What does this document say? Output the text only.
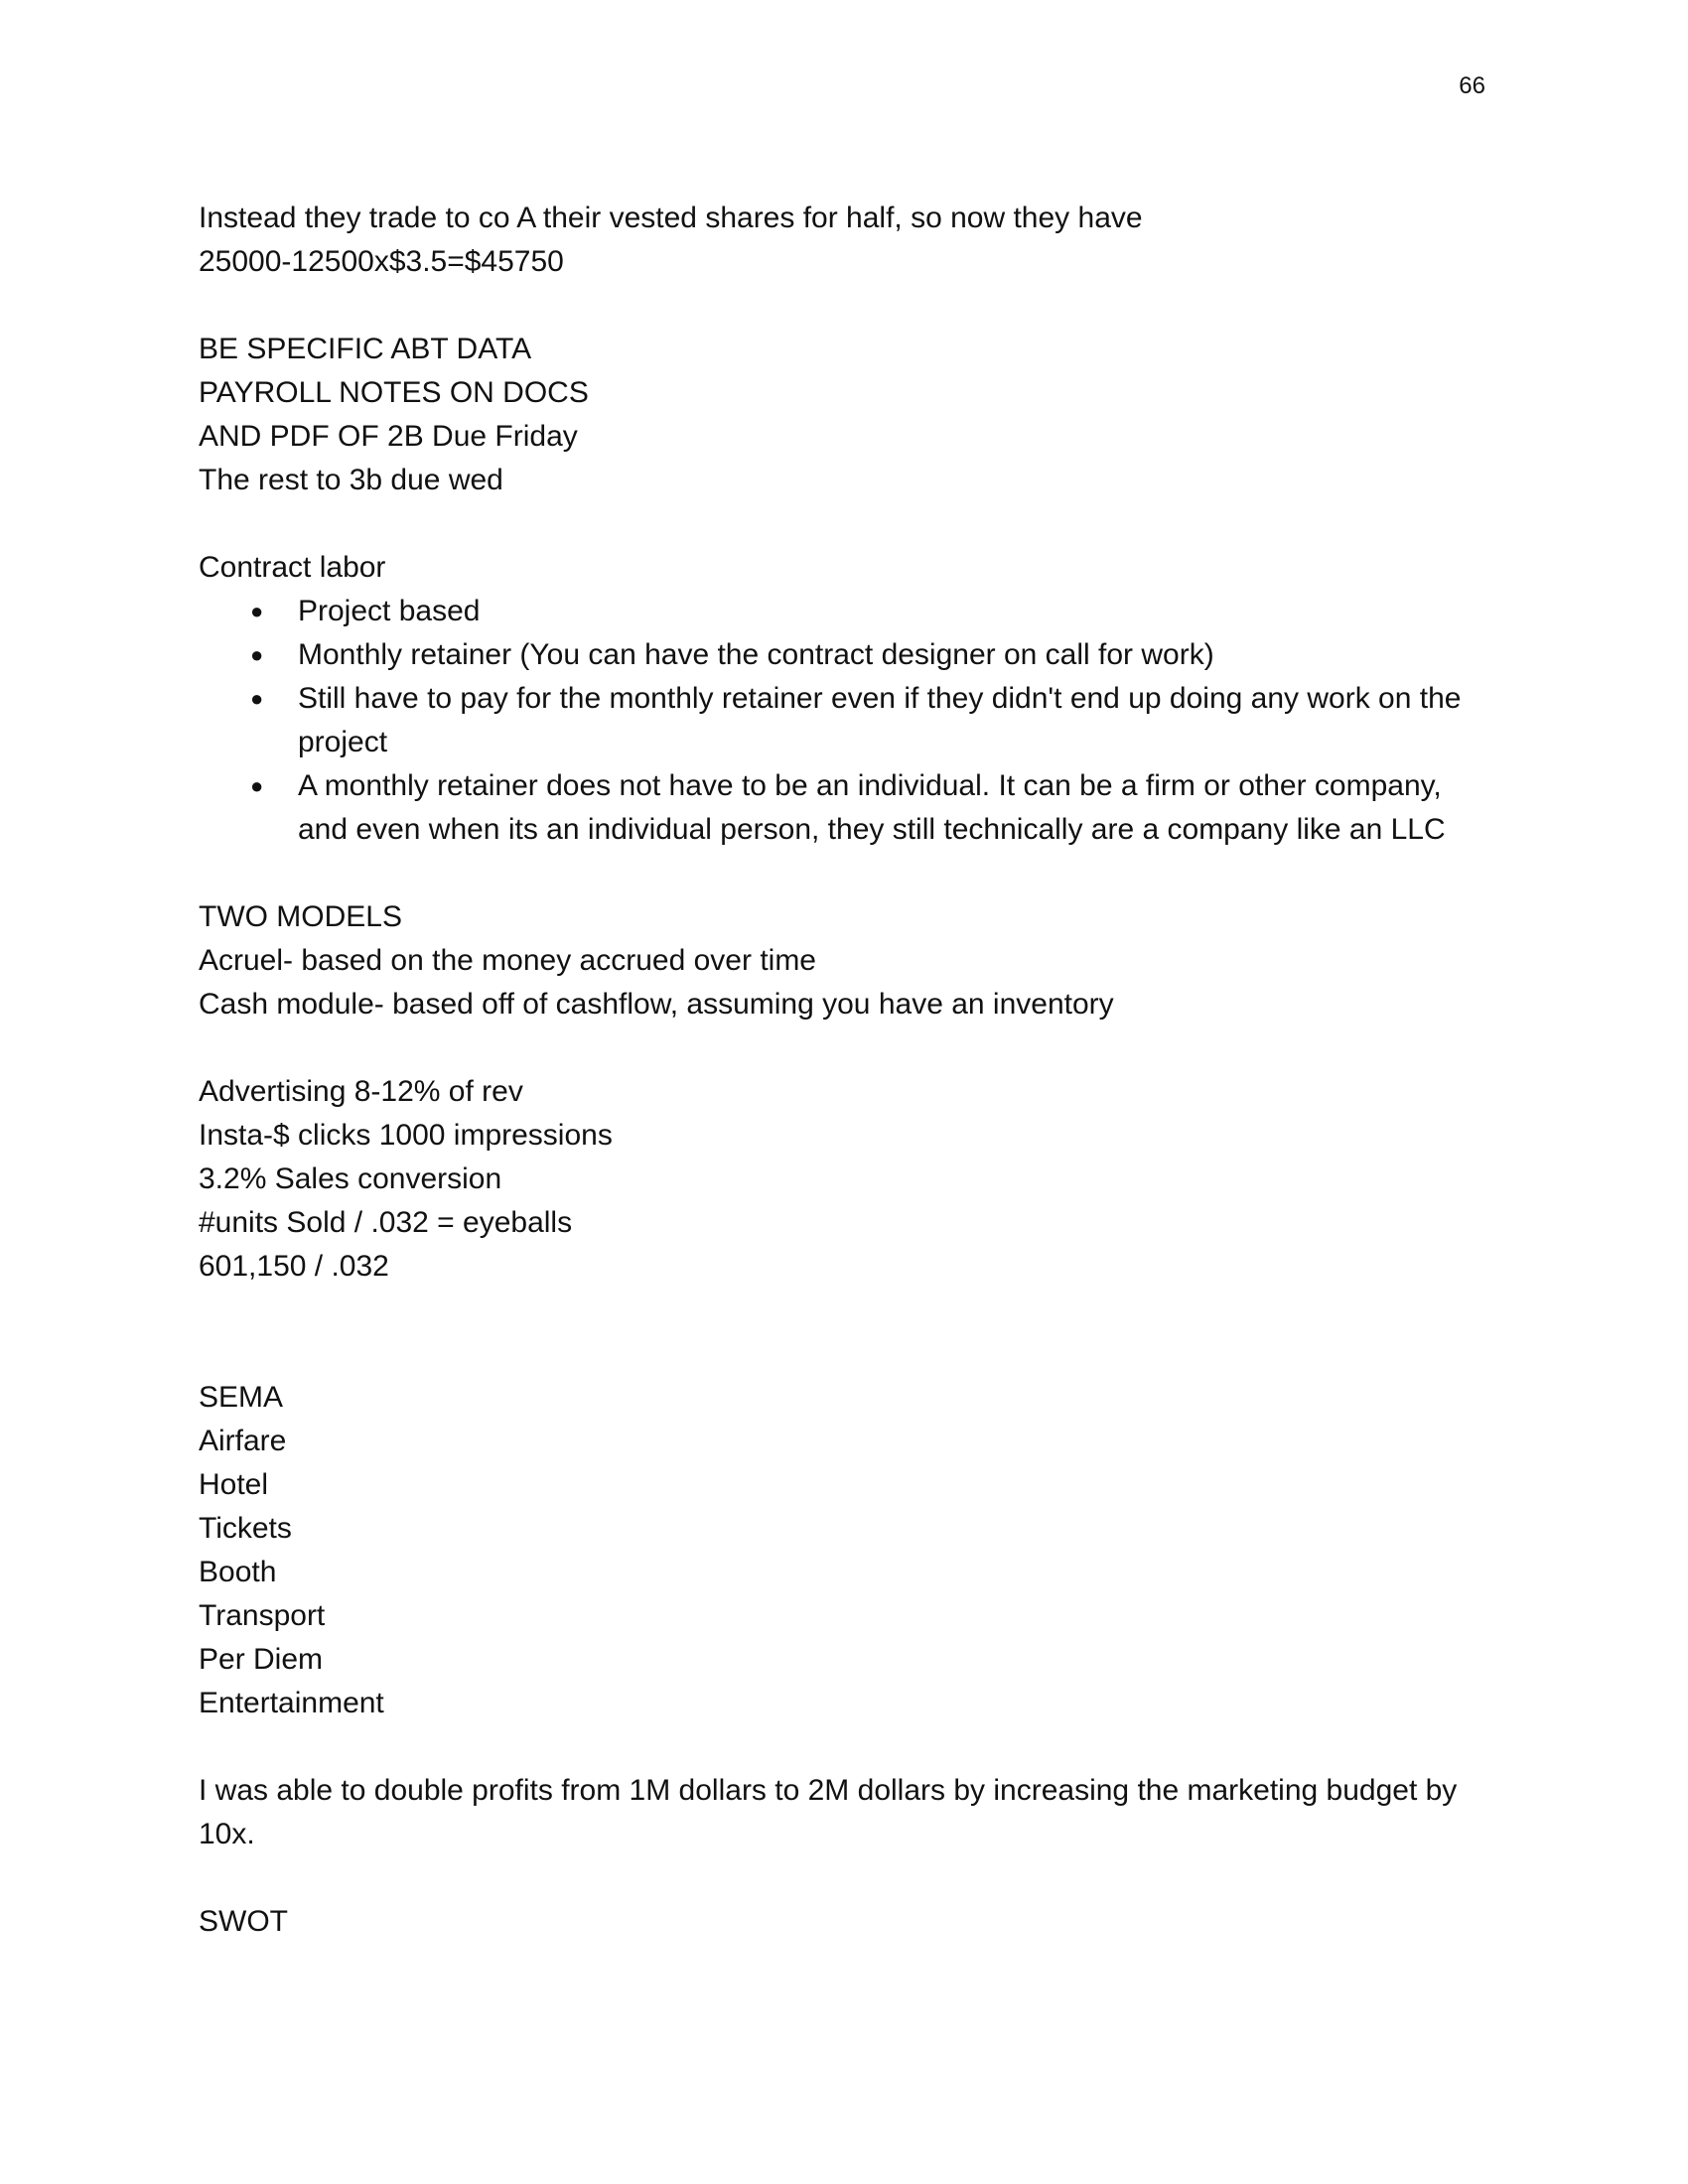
66
Instead they trade to co A their vested shares for half, so now they have
25000-12500x$3.5=$45750
BE SPECIFIC ABT DATA
PAYROLL NOTES ON DOCS
AND PDF OF 2B Due Friday
The rest to 3b due wed
Contract labor
● Project based
● Monthly retainer (You can have the contract designer on call for work)
● Still have to pay for the monthly retainer even if they didn't end up doing any work on the project
● A monthly retainer does not have to be an individual. It can be a firm or other company, and even when its an individual person, they still technically are a company like an LLC
TWO MODELS
Acruel- based on the money accrued over time
Cash module- based off of cashflow, assuming you have an inventory
Advertising 8-12% of rev
Insta-$ clicks 1000 impressions
3.2% Sales conversion
#units Sold / .032 = eyeballs
601,150 / .032
SEMA
Airfare
Hotel
Tickets
Booth
Transport
Per Diem
Entertainment
I was able to double profits from 1M dollars to 2M dollars by increasing the marketing budget by 10x.
SWOT
